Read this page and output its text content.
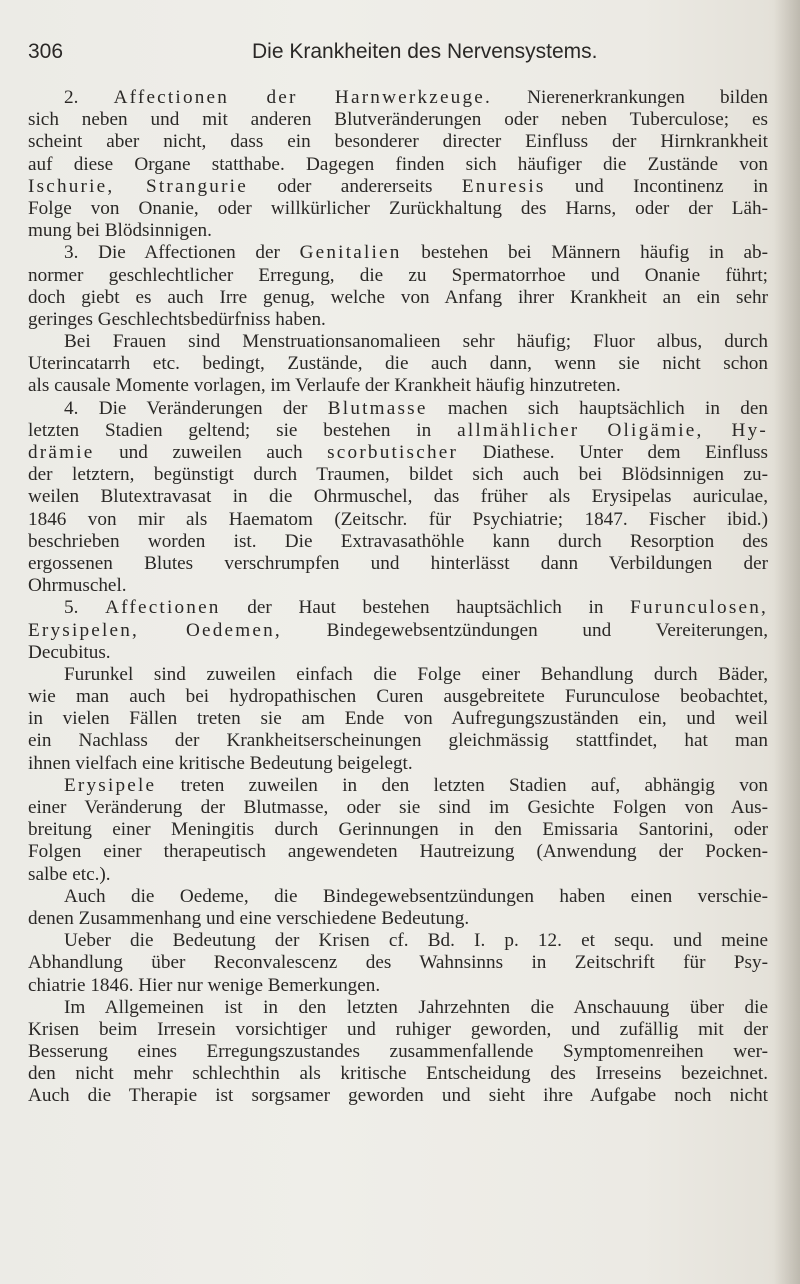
306	Die Krankheiten des Nervensystems.
2. Affectionen der Harnwerkzeuge. Nierenerkrankungen bilden
sich neben und mit anderen Blutveränderungen oder neben Tuberculose; es
scheint aber nicht, dass ein besonderer directer Einfluss der Hirnkrankheit
auf diese Organe statthabe. Dagegen finden sich häufiger die Zustände von
Ischurie, Strangurie oder andererseits Enuresis und Incontinenz in
Folge von Onanie, oder willkürlicher Zurückhaltung des Harns, oder der Läh-
mung bei Blödsinnigen.
3. Die Affectionen der Genitalien bestehen bei Männern häufig in ab-
normer geschlechtlicher Erregung, die zu Spermatorrhoe und Onanie führt;
doch giebt es auch Irre genug, welche von Anfang ihrer Krankheit an ein sehr
geringes Geschlechtsbedürfniss haben.
Bei Frauen sind Menstruationsanomalieen sehr häufig; Fluor albus, durch
Uterincatarrh etc. bedingt, Zustände, die auch dann, wenn sie nicht schon
als causale Momente vorlagen, im Verlaufe der Krankheit häufig hinzutreten.
4. Die Veränderungen der Blutmasse machen sich hauptsächlich in den
letzten Stadien geltend; sie bestehen in allmählicher Oligämie, Hy-
drämie und zuweilen auch scorbutischer Diathese. Unter dem Einfluss
der letztern, begünstigt durch Traumen, bildet sich auch bei Blödsinnigen zu-
weilen Blutextravasat in die Ohrmuschel, das früher als Erysipelas auriculae,
1846 von mir als Haematom (Zeitschr. für Psychiatrie; 1847. Fischer ibid.)
beschrieben worden ist. Die Extravasathöhle kann durch Resorption des
ergossenen Blutes verschrumpfen und hinterlässt dann Verbildungen der
Ohrmuschel.
5. Affectionen der Haut bestehen hauptsächlich in Furunculosen,
Erysipelen, Oedemen, Bindegewebsentzündungen und Vereiterungen,
Decubitus.
Furunkel sind zuweilen einfach die Folge einer Behandlung durch Bäder,
wie man auch bei hydropathischen Curen ausgebreitete Furunculose beobachtet,
in vielen Fällen treten sie am Ende von Aufregungszuständen ein, und weil
ein Nachlass der Krankheitserscheinungen gleichmässig stattfindet, hat man
ihnen vielfach eine kritische Bedeutung beigelegt.
Erysipele treten zuweilen in den letzten Stadien auf, abhängig von
einer Veränderung der Blutmasse, oder sie sind im Gesichte Folgen von Aus-
breitung einer Meningitis durch Gerinnungen in den Emissaria Santorini, oder
Folgen einer therapeutisch angewendeten Hautreizung (Anwendung der Pocken-
salbe etc.).
Auch die Oedeme, die Bindegewebsentzündungen haben einen verschie-
denen Zusammenhang und eine verschiedene Bedeutung.
Ueber die Bedeutung der Krisen cf. Bd. I. p. 12. et sequ. und meine
Abhandlung über Reconvalescenz des Wahnsinns in Zeitschrift für Psy-
chiatrie 1846. Hier nur wenige Bemerkungen.
Im Allgemeinen ist in den letzten Jahrzehnten die Anschauung über die
Krisen beim Irresein vorsichtiger und ruhiger geworden, und zufällig mit der
Besserung eines Erregungszustandes zusammenfallende Symptomenreihen wer-
den nicht mehr schlechthin als kritische Entscheidung des Irreseins bezeichnet.
Auch die Therapie ist sorgsamer geworden und sieht ihre Aufgabe noch nicht
